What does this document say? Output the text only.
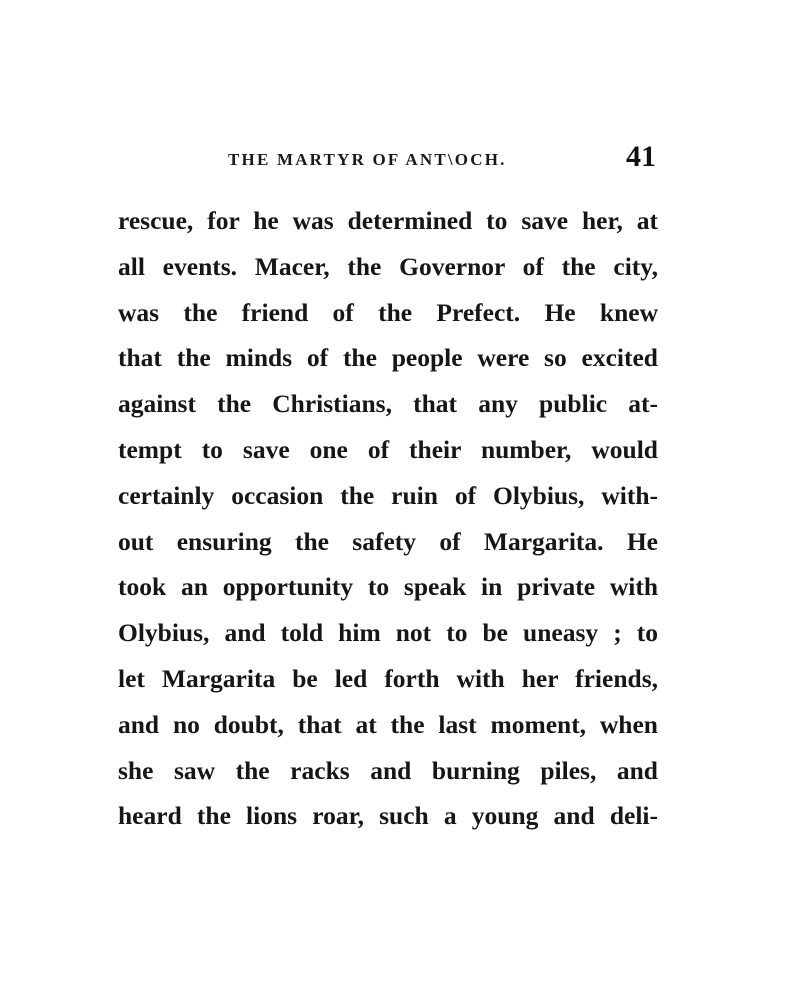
THE MARTYR OF ANT\OCH.	41
rescue, for he was determined to save her, at
all events. Macer, the Governor of the city,
was the friend of the Prefect. He knew
that the minds of the people were so excited
against the Christians, that any public at-
tempt to save one of their number, would
certainly occasion the ruin of Olybius, with-
out ensuring the safety of Margarita. He
took an opportunity to speak in private with
Olybius, and told him not to be uneasy ; to
let Margarita be led forth with her friends,
and no doubt, that at the last moment, when
she saw the racks and burning piles, and
heard the lions roar, such a young and deli-
